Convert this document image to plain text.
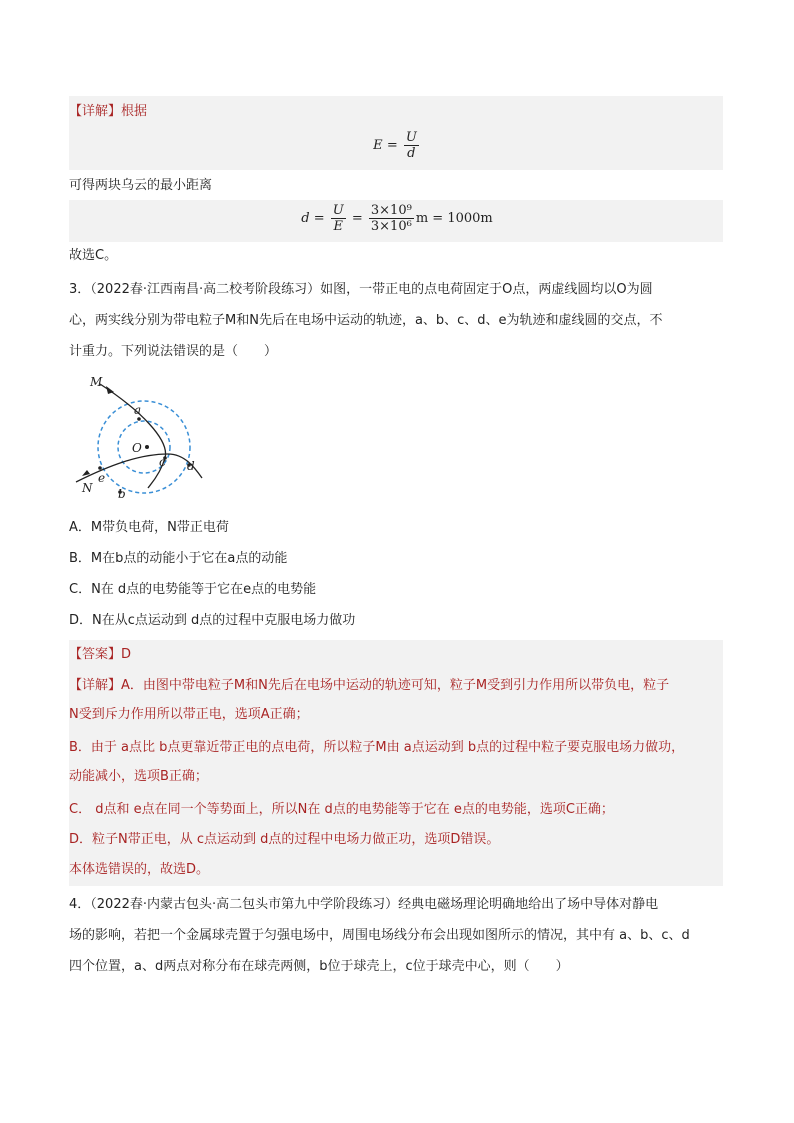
【详解】根据
$E = \frac{U}{d}$
可得两块乌云的最小距离
$d = \frac{U}{E} = \frac{\text{3×10⁹}}{\text{3×10⁶}}$ m = 1000m
故选C。
3．（2022春·江西南昌·高二校考阶段练习）如图，一带正电的点电荷固定于O点，两虚线圆均以O为圆
心，两实线分别为带电粒子M和N先后在电场中运动的轨迹，a、b、c、d、e为轨迹和虚线圆的交点，不
计重力。下列说法错误的是（　　）
M
N
a
b
c d
e
O
A．M带负电荷，N带正电荷
B．M在b点的动能小于它在a点的动能
C．N在 d点的电势能等于它在e点的电势能
D．N在从c点运动到 d点的过程中克服电场力做功
【答案】D
【详解】A．由图中带电粒子M和N先后在电场中运动的轨迹可知，粒子M受到引力作用所以带负电，粒子
N受到斥力作用所以带正电，选项A正确；
B．由于 a点比 b点更靠近带正电的点电荷，所以粒子M由 a点运动到 b点的过程中粒子要克服电场力做功，
动能减小，选项B正确；
C． d点和 e点在同一个等势面上，所以N在 d点的电势能等于它在 e点的电势能，选项C正确；
D．粒子N带正电，从 c点运动到 d点的过程中电场力做正功，选项D错误。
本体选错误的，故选D。
4．（2022春·内蒙古包头·高二包头市第九中学阶段练习）经典电磁场理论明确地给出了场中导体对静电
场的影响，若把一个金属球壳置于匀强电场中，周围电场线分布会出现如图所示的情况，其中有 a、b、c、d
四个位置，a、d两点对称分布在球壳两侧，b位于球壳上，c位于球壳中心，则（　　）
